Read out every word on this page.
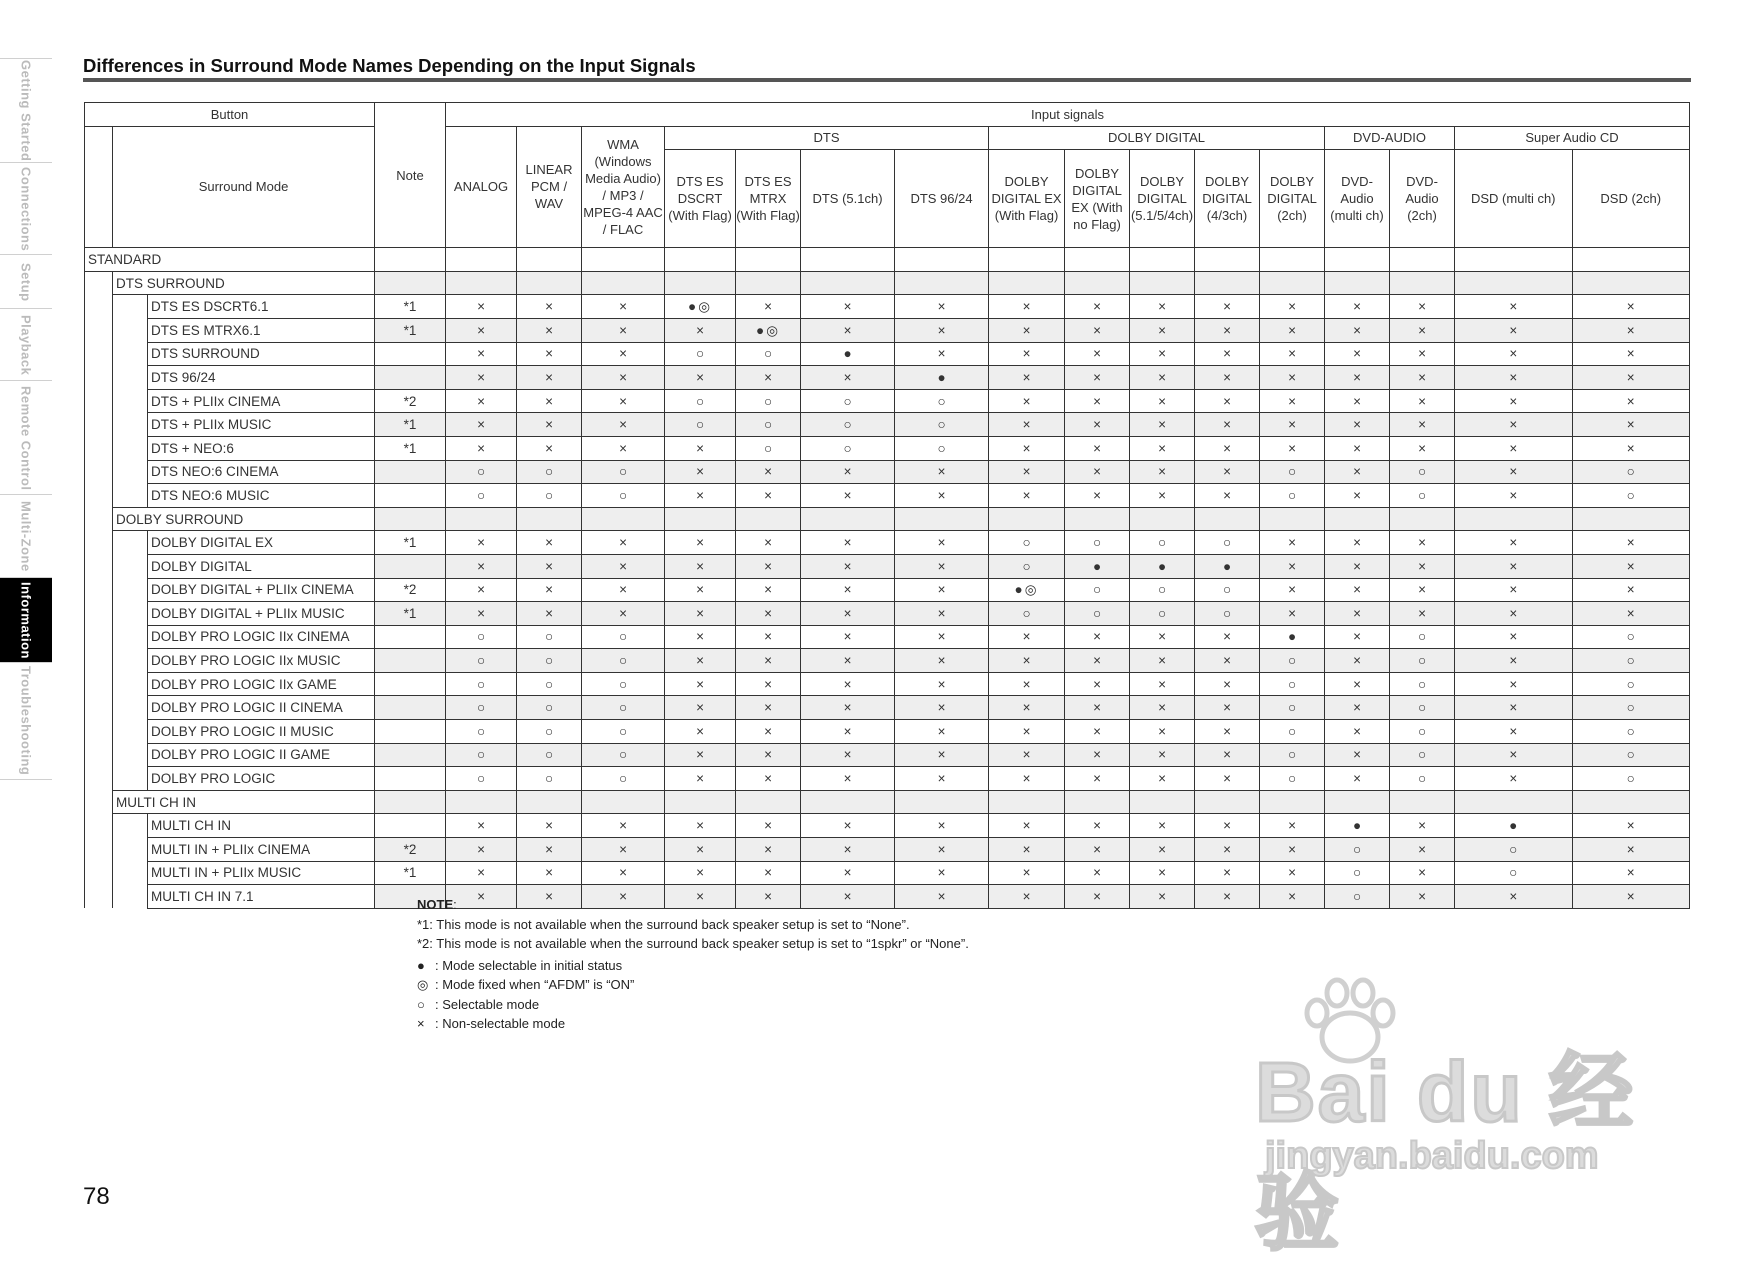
Getting Started
Connections
Setup
Playback
Remote Control
Multi-Zone
Information
Troubleshooting
Differences in Surround Mode Names Depending on the Input Signals
Button			Note	Input signals															
	Surround Mode			ANALOG	LINEAR PCM / WAV	WMA (Windows Media Audio) / MP3 / MPEG-4 AAC / FLAC	DTS				DOLBY DIGITAL					DVD-AUDIO		Super Audio CD	
							DTS ES DSCRT (With Flag)	DTS ES MTRX (With Flag)	DTS (5.1ch)	DTS 96/24	DOLBY DIGITAL EX (With Flag)	DOLBY DIGITAL EX (With no Flag)	DOLBY DIGITAL (5.1/5/4ch)	DOLBY DIGITAL (4/3ch)	DOLBY DIGITAL (2ch)	DVD-Audio (multi ch)	DVD-Audio (2ch)	DSD (multi ch)	DSD (2ch)
STANDARD																			
	DTS SURROUND																		
		DTS ES DSCRT6.1	*1	×	×	×	●◎	×	×	×	×	×	×	×	×	×	×	×	×
		DTS ES MTRX6.1	*1	×	×	×	×	●◎	×	×	×	×	×	×	×	×	×	×	×
		DTS SURROUND		×	×	×	○	○	●	×	×	×	×	×	×	×	×	×	×
		DTS 96/24		×	×	×	×	×	×	●	×	×	×	×	×	×	×	×	×
		DTS + PLIIx CINEMA	*2	×	×	×	○	○	○	○	×	×	×	×	×	×	×	×	×
		DTS + PLIIx MUSIC	*1	×	×	×	○	○	○	○	×	×	×	×	×	×	×	×	×
		DTS + NEO:6	*1	×	×	×	×	○	○	○	×	×	×	×	×	×	×	×	×
		DTS NEO:6 CINEMA		○	○	○	×	×	×	×	×	×	×	×	○	×	○	×	○
		DTS NEO:6 MUSIC		○	○	○	×	×	×	×	×	×	×	×	○	×	○	×	○
	DOLBY SURROUND																		
		DOLBY DIGITAL EX	*1	×	×	×	×	×	×	×	○	○	○	○	×	×	×	×	×
		DOLBY DIGITAL		×	×	×	×	×	×	×	○	●	●	●	×	×	×	×	×
		DOLBY DIGITAL + PLIIx CINEMA	*2	×	×	×	×	×	×	×	●◎	○	○	○	×	×	×	×	×
		DOLBY DIGITAL + PLIIx MUSIC	*1	×	×	×	×	×	×	×	○	○	○	○	×	×	×	×	×
		DOLBY PRO LOGIC IIx CINEMA		○	○	○	×	×	×	×	×	×	×	×	●	×	○	×	○
		DOLBY PRO LOGIC IIx MUSIC		○	○	○	×	×	×	×	×	×	×	×	○	×	○	×	○
		DOLBY PRO LOGIC IIx GAME		○	○	○	×	×	×	×	×	×	×	×	○	×	○	×	○
		DOLBY PRO LOGIC II CINEMA		○	○	○	×	×	×	×	×	×	×	×	○	×	○	×	○
		DOLBY PRO LOGIC II MUSIC		○	○	○	×	×	×	×	×	×	×	×	○	×	○	×	○
		DOLBY PRO LOGIC II GAME		○	○	○	×	×	×	×	×	×	×	×	○	×	○	×	○
		DOLBY PRO LOGIC		○	○	○	×	×	×	×	×	×	×	×	○	×	○	×	○
	MULTI CH IN																		
		MULTI CH IN		×	×	×	×	×	×	×	×	×	×	×	×	●	×	●	×
		MULTI IN + PLIIx CINEMA	*2	×	×	×	×	×	×	×	×	×	×	×	×	○	×	○	×
		MULTI IN + PLIIx MUSIC	*1	×	×	×	×	×	×	×	×	×	×	×	×	○	×	○	×
		MULTI CH IN 7.1		×	×	×	×	×	×	×	×	×	×	×	×	○	×	×	×
NOTE:
*1: This mode is not available when the surround back speaker setup is set to “None”.
*2: This mode is not available when the surround back speaker setup is set to “1spkr” or “None”.
● : Mode selectable in initial status
◎ : Mode fixed when “AFDM” is “ON”
○ : Selectable mode
× : Non-selectable mode
78
Bai du 经验
jingyan.baidu.com
